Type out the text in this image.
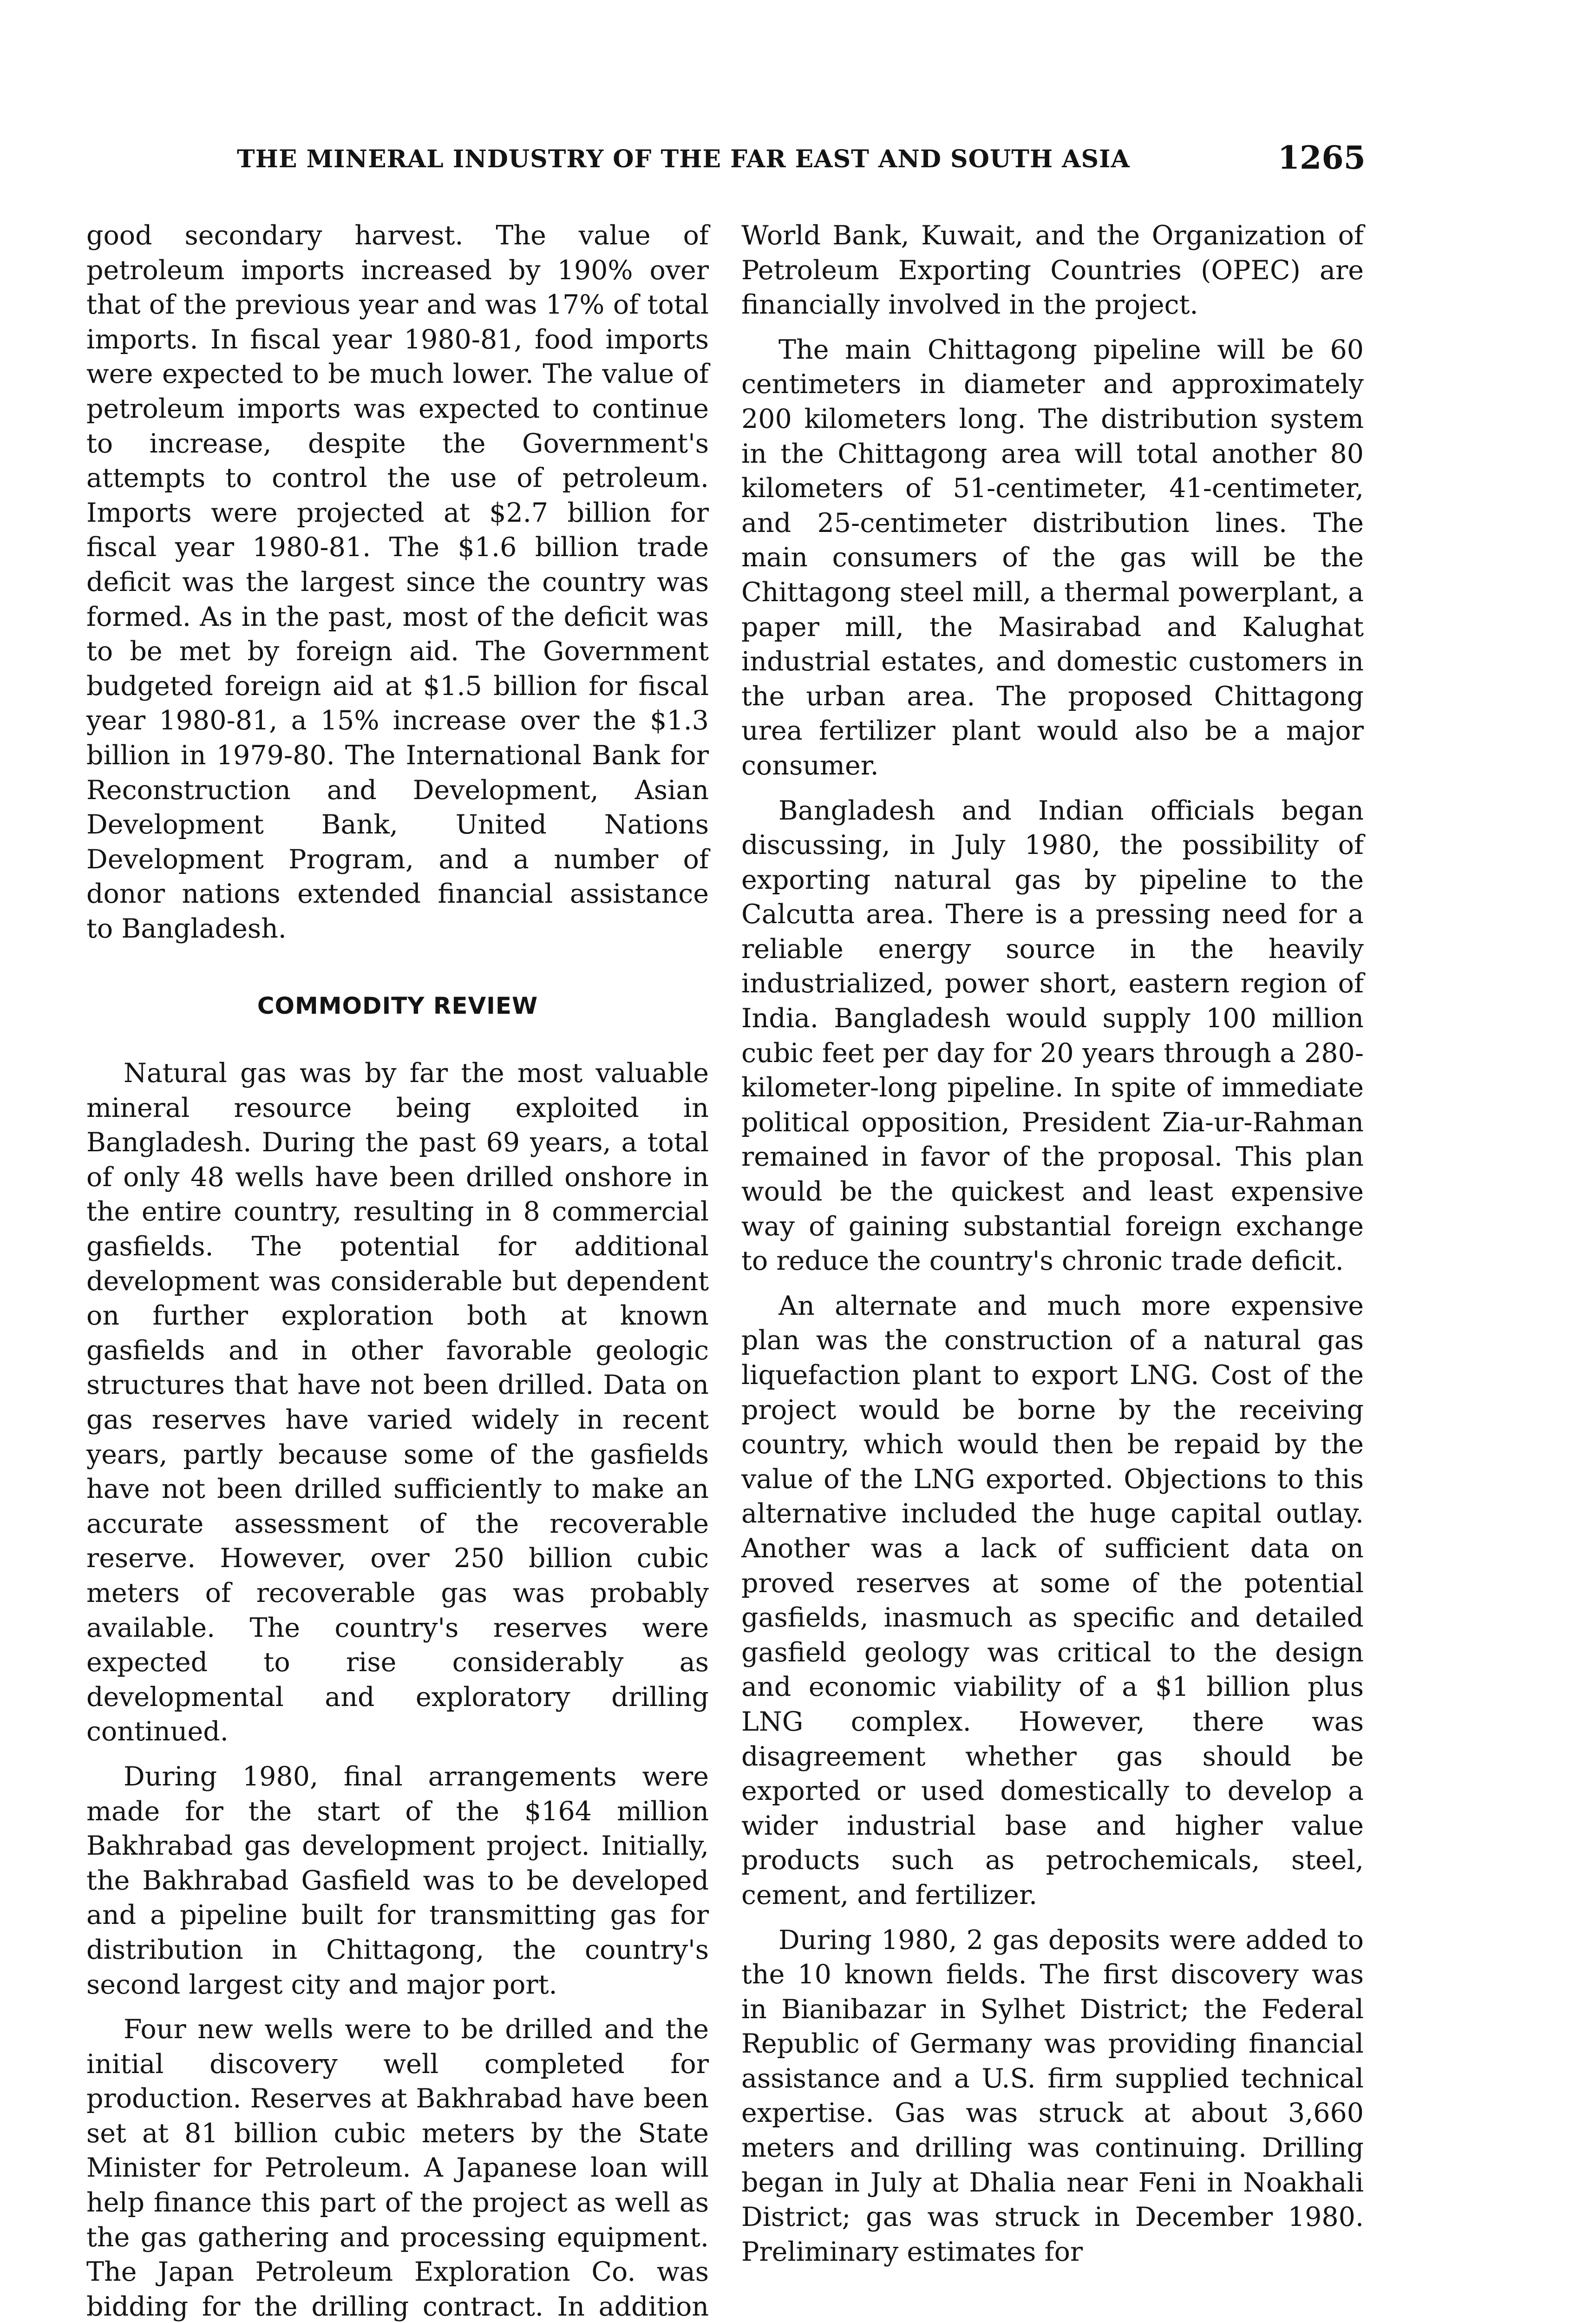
THE MINERAL INDUSTRY OF THE FAR EAST AND SOUTH ASIA	1265

good secondary harvest. The value of petroleum imports increased by 190% over that of the previous year and was 17% of total imports. In fiscal year 1980-81, food imports were expected to be much lower. The value of petroleum imports was expected to continue to increase, despite the Government's attempts to control the use of petroleum. Imports were projected at $2.7 billion for fiscal year 1980-81. The $1.6 billion trade deficit was the largest since the country was formed. As in the past, most of the deficit was to be met by foreign aid. The Government budgeted foreign aid at $1.5 billion for fiscal year 1980-81, a 15% increase over the $1.3 billion in 1979-80. The International Bank for Reconstruction and Development, Asian Development Bank, United Nations Development Program, and a number of donor nations extended financial assistance to Bangladesh.

COMMODITY REVIEW

Natural gas was by far the most valuable mineral resource being exploited in Bangladesh. During the past 69 years, a total of only 48 wells have been drilled onshore in the entire country, resulting in 8 commercial gasfields. The potential for additional development was considerable but dependent on further exploration both at known gasfields and in other favorable geologic structures that have not been drilled. Data on gas reserves have varied widely in recent years, partly because some of the gasfields have not been drilled sufficiently to make an accurate assessment of the recoverable reserve. However, over 250 billion cubic meters of recoverable gas was probably available. The country's reserves were expected to rise considerably as developmental and exploratory drilling continued.

During 1980, final arrangements were made for the start of the $164 million Bakhrabad gas development project. Initially, the Bakhrabad Gasfield was to be developed and a pipeline built for transmitting gas for distribution in Chittagong, the country's second largest city and major port.

Four new wells were to be drilled and the initial discovery well completed for production. Reserves at Bakhrabad have been set at 81 billion cubic meters by the State Minister for Petroleum. A Japanese loan will help finance this part of the project as well as the gas gathering and processing equipment. The Japan Petroleum Exploration Co. was bidding for the drilling contract. In addition

World Bank, Kuwait, and the Organization of Petroleum Exporting Countries (OPEC) are financially involved in the project.

The main Chittagong pipeline will be 60 centimeters in diameter and approximately 200 kilometers long. The distribution system in the Chittagong area will total another 80 kilometers of 51-centimeter, 41-centimeter, and 25-centimeter distribution lines. The main consumers of the gas will be the Chittagong steel mill, a thermal powerplant, a paper mill, the Masirabad and Kalughat industrial estates, and domestic customers in the urban area. The proposed Chittagong urea fertilizer plant would also be a major consumer.

Bangladesh and Indian officials began discussing, in July 1980, the possibility of exporting natural gas by pipeline to the Calcutta area. There is a pressing need for a reliable energy source in the heavily industrialized, power short, eastern region of India. Bangladesh would supply 100 million cubic feet per day for 20 years through a 280-kilometer-long pipeline. In spite of immediate political opposition, President Zia-ur-Rahman remained in favor of the proposal. This plan would be the quickest and least expensive way of gaining substantial foreign exchange to reduce the country's chronic trade deficit.

An alternate and much more expensive plan was the construction of a natural gas liquefaction plant to export LNG. Cost of the project would be borne by the receiving country, which would then be repaid by the value of the LNG exported. Objections to this alternative included the huge capital outlay. Another was a lack of sufficient data on proved reserves at some of the potential gasfields, inasmuch as specific and detailed gasfield geology was critical to the design and economic viability of a $1 billion plus LNG complex. However, there was disagreement whether gas should be exported or used domestically to develop a wider industrial base and higher value products such as petrochemicals, steel, cement, and fertilizer.

During 1980, 2 gas deposits were added to the 10 known fields. The first discovery was in Bianibazar in Sylhet District; the Federal Republic of Germany was providing financial assistance and a U.S. firm supplied technical expertise. Gas was struck at about 3,660 meters and drilling was continuing. Drilling began in July at Dhalia near Feni in Noakhali District; gas was struck in December 1980. Preliminary estimates for
